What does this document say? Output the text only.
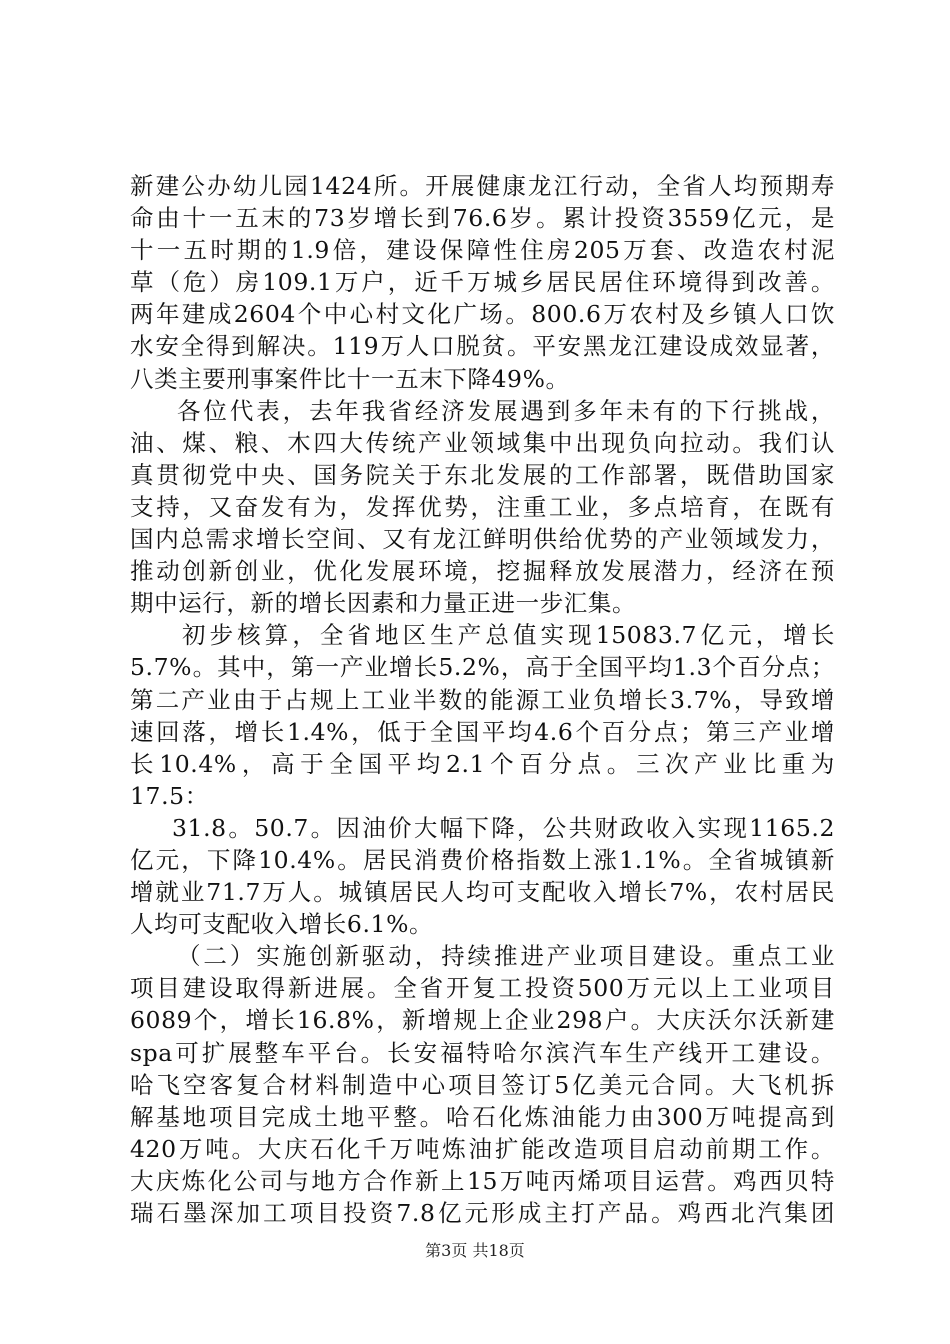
新建公办幼儿园1424所。开展健康龙江行动，全省人均预期寿
命由十一五末的73岁增长到76.6岁。累计投资3559亿元，是
十一五时期的1.9倍，建设保障性住房205万套、改造农村泥
草（危）房109.1万户，近千万城乡居民居住环境得到改善。
两年建成2604个中心村文化广场。800.6万农村及乡镇人口饮
水安全得到解决。119万人口脱贫。平安黑龙江建设成效显著，
八类主要刑事案件比十一五末下降49%。
各位代表，去年我省经济发展遇到多年未有的下行挑战，
油、煤、粮、木四大传统产业领域集中出现负向拉动。我们认
真贯彻党中央、国务院关于东北发展的工作部署，既借助国家
支持，又奋发有为，发挥优势，注重工业，多点培育，在既有
国内总需求增长空间、又有龙江鲜明供给优势的产业领域发力，
推动创新创业，优化发展环境，挖掘释放发展潜力，经济在预
期中运行，新的增长因素和力量正进一步汇集。
初步核算，全省地区生产总值实现15083.7亿元，增长
5.7%。其中，第一产业增长5.2%，高于全国平均1.3个百分点；
第二产业由于占规上工业半数的能源工业负增长3.7%，导致增
速回落，增长1.4%，低于全国平均4.6个百分点；第三产业增
长10.4%，高于全国平均2.1个百分点。三次产业比重为
17.5：
31.8。50.7。因油价大幅下降，公共财政收入实现1165.2
亿元，下降10.4%。居民消费价格指数上涨1.1%。全省城镇新
增就业71.7万人。城镇居民人均可支配收入增长7%，农村居民
人均可支配收入增长6.1%。
（二）实施创新驱动，持续推进产业项目建设。重点工业
项目建设取得新进展。全省开复工投资500万元以上工业项目
6089个，增长16.8%，新增规上企业298户。大庆沃尔沃新建
spa可扩展整车平台。长安福特哈尔滨汽车生产线开工建设。
哈飞空客复合材料制造中心项目签订5亿美元合同。大飞机拆
解基地项目完成土地平整。哈石化炼油能力由300万吨提高到
420万吨。大庆石化千万吨炼油扩能改造项目启动前期工作。
大庆炼化公司与地方合作新上15万吨丙烯项目运营。鸡西贝特
瑞石墨深加工项目投资7.8亿元形成主打产品。鸡西北汽集团
第3页 共18页
